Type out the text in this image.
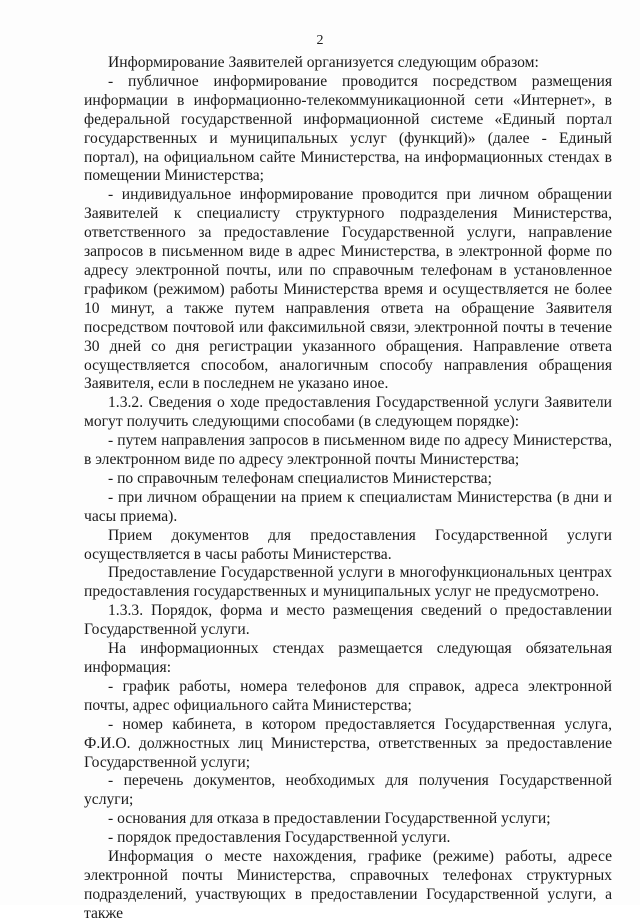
2

Информирование Заявителей организуется следующим образом:

- публичное информирование проводится посредством размещения информации в информационно-телекоммуникационной сети «Интернет», в федеральной государственной информационной системе «Единый портал государственных и муниципальных услуг (функций)» (далее - Единый портал), на официальном сайте Министерства, на информационных стендах в помещении Министерства;

- индивидуальное информирование проводится при личном обращении Заявителей к специалисту структурного подразделения Министерства, ответственного за предоставление Государственной услуги, направление запросов в письменном виде в адрес Министерства, в электронной форме по адресу электронной почты, или по справочным телефонам в установленное графиком (режимом) работы Министерства время и осуществляется не более 10 минут, а также путем направления ответа на обращение Заявителя посредством почтовой или факсимильной связи, электронной почты в течение 30 дней со дня регистрации указанного обращения. Направление ответа осуществляется способом, аналогичным способу направления обращения Заявителя, если в последнем не указано иное.

1.3.2. Сведения о ходе предоставления Государственной услуги Заявители могут получить следующими способами (в следующем порядке):

- путем направления запросов в письменном виде по адресу Министерства, в электронном виде по адресу электронной почты Министерства;

- по справочным телефонам специалистов Министерства;

- при личном обращении на прием к специалистам Министерства (в дни и часы приема).

Прием документов для предоставления Государственной услуги осуществляется в часы работы Министерства.

Предоставление Государственной услуги в многофункциональных центрах предоставления государственных и муниципальных услуг не предусмотрено.

1.3.3. Порядок, форма и место размещения сведений о предоставлении Государственной услуги.

На информационных стендах размещается следующая обязательная информация:

- график работы, номера телефонов для справок, адреса электронной почты, адрес официального сайта Министерства;

- номер кабинета, в котором предоставляется Государственная услуга, Ф.И.О. должностных лиц Министерства, ответственных за предоставление Государственной услуги;

- перечень документов, необходимых для получения Государственной услуги;

- основания для отказа в предоставлении Государственной услуги;

- порядок предоставления Государственной услуги.

Информация о месте нахождения, графике (режиме) работы, адресе электронной почты Министерства, справочных телефонах структурных подразделений, участвующих в предоставлении Государственной услуги, а также
